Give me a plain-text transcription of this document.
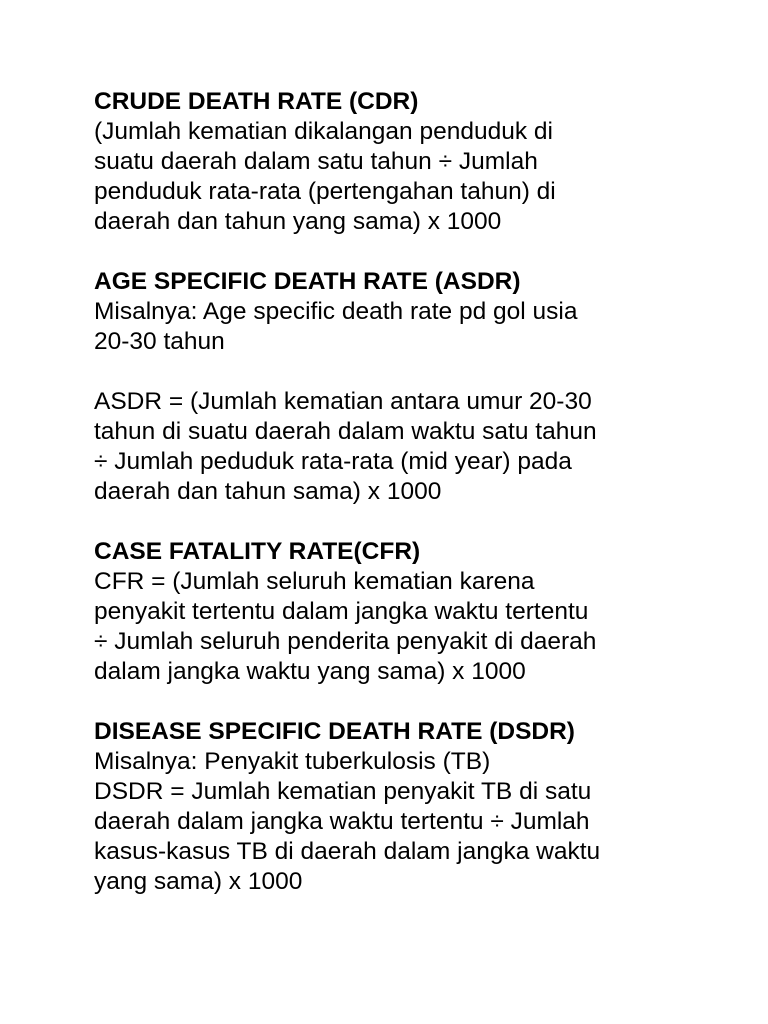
CRUDE DEATH RATE (CDR)
(Jumlah kematian dikalangan penduduk di
suatu daerah dalam satu tahun ÷ Jumlah
penduduk rata-rata (pertengahan tahun) di
daerah dan tahun yang sama) x 1000
AGE SPECIFIC DEATH RATE (ASDR)
Misalnya: Age specific death rate pd gol usia
20-30 tahun
ASDR = (Jumlah kematian antara umur 20-30
tahun di suatu daerah dalam waktu satu tahun
÷ Jumlah peduduk rata-rata (mid year) pada
daerah dan tahun sama) x 1000
CASE FATALITY RATE(CFR)
CFR = (Jumlah seluruh kematian karena
penyakit tertentu dalam jangka waktu tertentu
÷ Jumlah seluruh penderita penyakit di daerah
dalam jangka waktu yang sama) x 1000
DISEASE SPECIFIC DEATH RATE (DSDR)
Misalnya: Penyakit tuberkulosis (TB)
DSDR = Jumlah kematian penyakit TB di satu
daerah dalam jangka waktu tertentu ÷ Jumlah
kasus-kasus TB di daerah dalam jangka waktu
yang sama) x 1000
